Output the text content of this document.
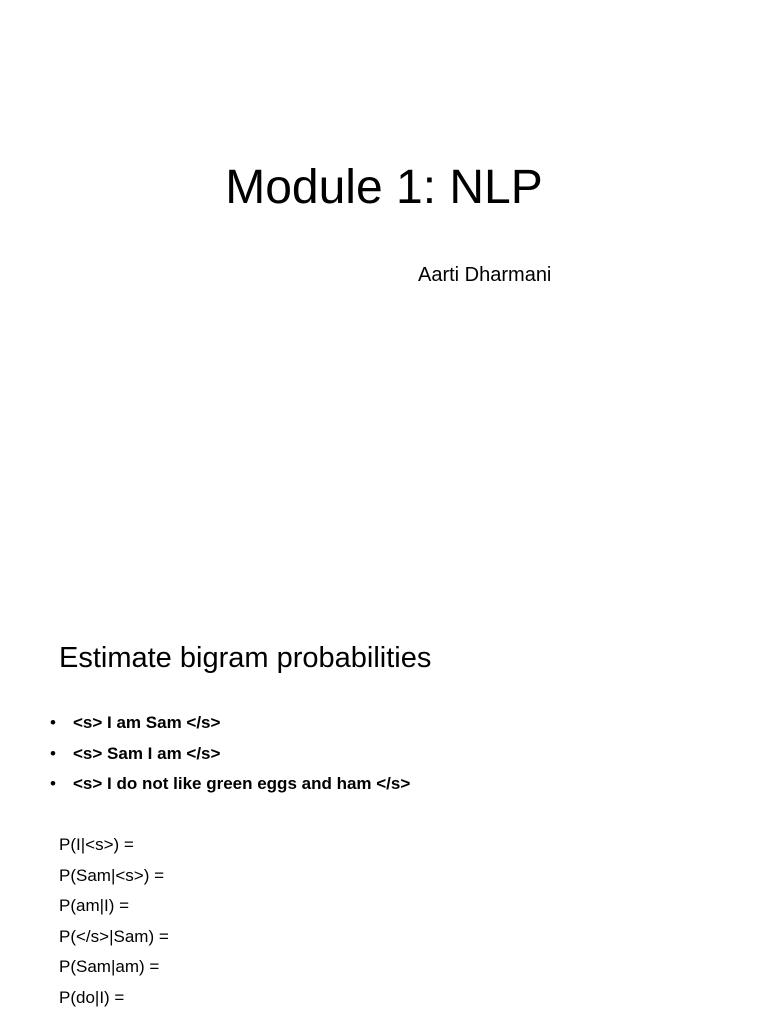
Module 1: NLP

Aarti Dharmani

Estimate bigram probabilities
• <s> I am Sam </s>
• <s> Sam I am </s>
• <s> I do not like green eggs and ham </s>
P(I|<s>) =
P(Sam|<s>) =
P(am|I) =
P(</s>|Sam) =
P(Sam|am) =
P(do|I) =
